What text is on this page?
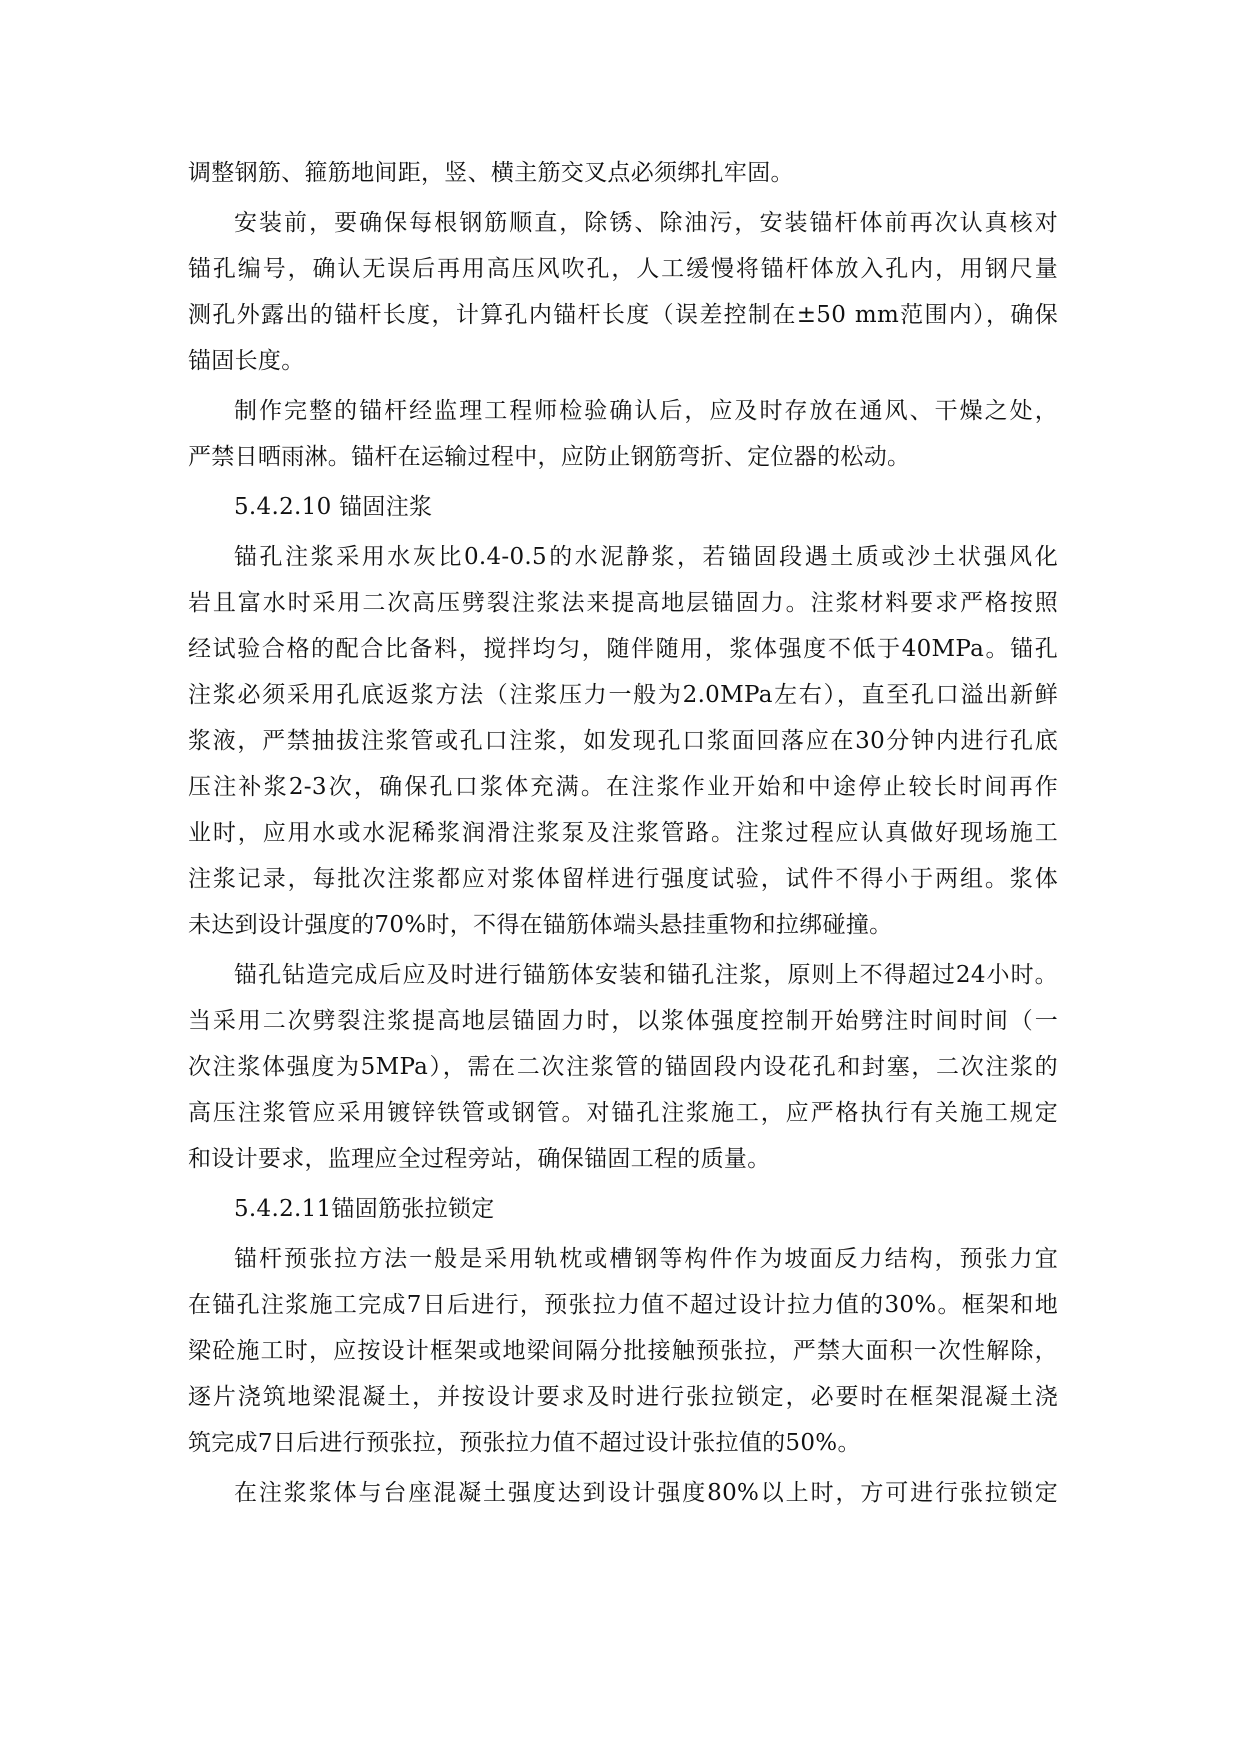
调整钢筋、箍筋地间距，竖、横主筋交叉点必须绑扎牢固。
安装前，要确保每根钢筋顺直，除锈、除油污，安装锚杆体前再次认真核对
锚孔编号，确认无误后再用高压风吹孔，人工缓慢将锚杆体放入孔内，用钢尺量
测孔外露出的锚杆长度，计算孔内锚杆长度（误差控制在±50 mm范围内），确保
锚固长度。
制作完整的锚杆经监理工程师检验确认后，应及时存放在通风、干燥之处，
严禁日晒雨淋。锚杆在运输过程中，应防止钢筋弯折、定位器的松动。
5.4.2.10 锚固注浆
锚孔注浆采用水灰比0.4-0.5的水泥静浆，若锚固段遇土质或沙土状强风化
岩且富水时采用二次高压劈裂注浆法来提高地层锚固力。注浆材料要求严格按照
经试验合格的配合比备料，搅拌均匀，随伴随用，浆体强度不低于40MPa。锚孔
注浆必须采用孔底返浆方法（注浆压力一般为2.0MPa左右），直至孔口溢出新鲜
浆液，严禁抽拔注浆管或孔口注浆，如发现孔口浆面回落应在30分钟内进行孔底
压注补浆2-3次，确保孔口浆体充满。在注浆作业开始和中途停止较长时间再作
业时，应用水或水泥稀浆润滑注浆泵及注浆管路。注浆过程应认真做好现场施工
注浆记录，每批次注浆都应对浆体留样进行强度试验，试件不得小于两组。浆体
未达到设计强度的70%时，不得在锚筋体端头悬挂重物和拉绑碰撞。
锚孔钻造完成后应及时进行锚筋体安装和锚孔注浆，原则上不得超过24小时。
当采用二次劈裂注浆提高地层锚固力时，以浆体强度控制开始劈注时间时间（一
次注浆体强度为5MPa），需在二次注浆管的锚固段内设花孔和封塞，二次注浆的
高压注浆管应采用镀锌铁管或钢管。对锚孔注浆施工，应严格执行有关施工规定
和设计要求，监理应全过程旁站，确保锚固工程的质量。
5.4.2.11锚固筋张拉锁定
锚杆预张拉方法一般是采用轨枕或槽钢等构件作为坡面反力结构，预张力宜
在锚孔注浆施工完成7日后进行，预张拉力值不超过设计拉力值的30%。框架和地
梁砼施工时，应按设计框架或地梁间隔分批接触预张拉，严禁大面积一次性解除，
逐片浇筑地梁混凝土，并按设计要求及时进行张拉锁定，必要时在框架混凝土浇
筑完成7日后进行预张拉，预张拉力值不超过设计张拉值的50%。
在注浆浆体与台座混凝土强度达到设计强度80%以上时，方可进行张拉锁定
